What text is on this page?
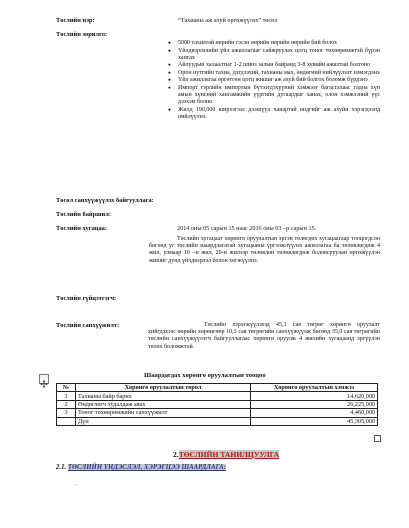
Төслийн нэр:	“Тахианы аж ахуй өргөжүүлэх” төсөл
Төслийн зорилго:
● 5000 тахиатай өөрийн гэсэн өөрийн өөрийн өөрийн бий болох
● Үйлдвэрлэлийн үйл ажиллагааг сайжруулах цогц тоног төхөөрөмжтэй бүрэн хангах
● Айлуудын халаалтыг 1-2 шинэ залын байранд 3-8 хувийн ажилтай болгоно
● Орон нутгийн тахиа, дэгдээхий, тахианы мах, өндөгний нийлүүлэлт нэмэгдэнэ
● Үйл ажиллагаа өргөтгөн цогц жишиг аж ахуй бий болгох боломж бүрдэнэ
● Импорт гэрлийн импортын бүтээгдэхүүний хэмжээг багасгахаас гадна хүн амын хүнсний хангамжийн үүргийн дугаардыг ханах, олон хэмжээний үүс дээхэм болно.
● Жилд 190,000 ширхэгээс дээшүүл чанартай өндгийг аж ахуйн хэрэгцээнд нийлүүлнэ.
Төсөл санхүүжүүлэх байгууллага:
Төслийн байршил:
Төслийн хугацаа:	2014 оны 05 сарын 15 наас 2016 оны 03 –р сарын 15.
Төслийн хугацаат хөрөнгө оруулалтын эргэн төлөгдөх хугацаагаар тооцогдсон бөгөөд уг төслийн шаардлагатай хугацааны үргэлжлүүлэх ажиллагаа ба төлөвлөгдөж 4 жил, улмаар 10 –н жил, 20-н жилээр төлөвлөн төлөвлөгдөж боловсруулан өргөжүүлэн жишиг дунд үйлдвэрлэл болон хөгжүүлнэ.
Төслийн гүйцэтгэгч:
Төслийн санхүүжилт:	Төслийн хэрэгжүүлэхэд 45,3 сая төгрөг хөрөнгө оруулалт хийгдэхээс өөрийн хөрөнгөөр 10,3 сая төгрөгийн санхүүжүүлж бөгөөд 35,0 сая төгрөгийн төслийн санхүүжүүлэгч байгууллагаас хөрөнгө оруулж 4 жилийн хугацаанд эргүүлэн төлөх боломжтой.
Шаардагдах хөрөнгө оруулалтын тооцоо
№	Хөрөнгө оруулалтын төрөл	Хөрөнгө оруулалтын хэмжээ
1	Тахианы байр барих	14,620,000
2	Өндөглөгч худалдаж авах	26,225,000
3	Тоног төхөөрөмжийн санхүүжилт	4,460,000
	Дүн	45,305,000
2.ТӨСЛИЙН ТАНИЛЦУУЛГА
2.1. ТӨСЛИЙН ҮНДЭСЛЭЛ, ХЭРЭГЦЭЭ ШААРДЛАГА:
.
